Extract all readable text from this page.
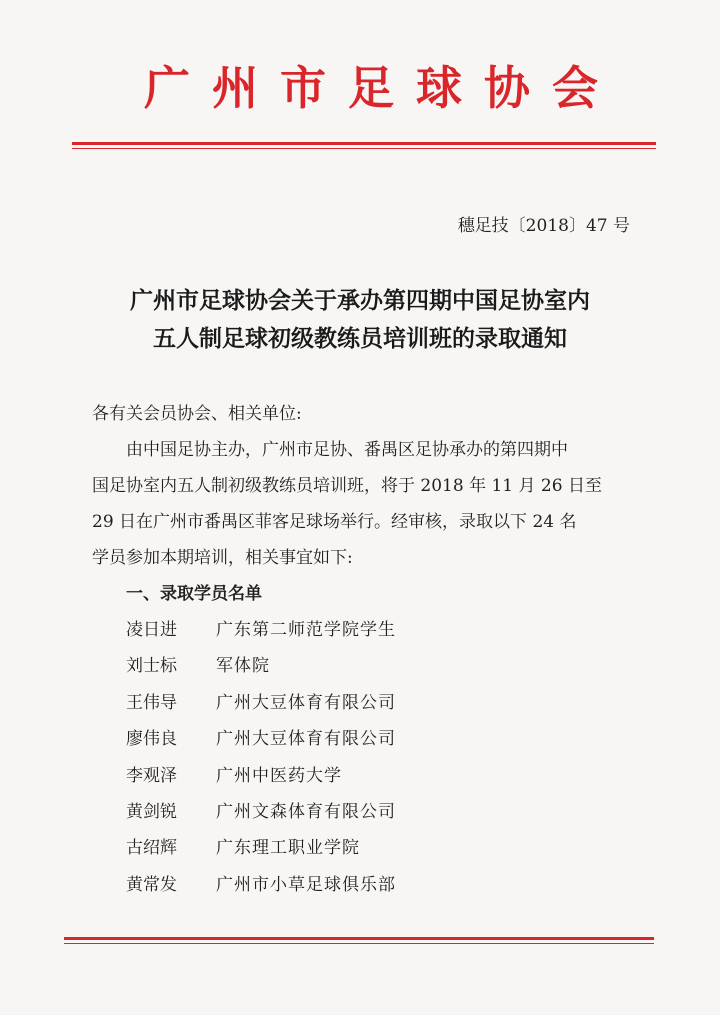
广州市足球协会
穗足技〔2018〕47 号
广州市足球协会关于承办第四期中国足协室内
五人制足球初级教练员培训班的录取通知
各有关会员协会、相关单位:
由中国足协主办，广州市足协、番禺区足协承办的第四期中
国足协室内五人制初级教练员培训班，将于 2018 年 11 月 26 日至
29 日在广州市番禺区菲客足球场举行。经审核，录取以下 24 名
学员参加本期培训，相关事宜如下:
一、录取学员名单
凌日进	广东第二师范学院学生
刘士标	军体院
王伟导	广州大豆体育有限公司
廖伟良	广州大豆体育有限公司
李观泽	广州中医药大学
黄剑锐	广州文森体育有限公司
古绍辉	广东理工职业学院
黄常发	广州市小草足球俱乐部
